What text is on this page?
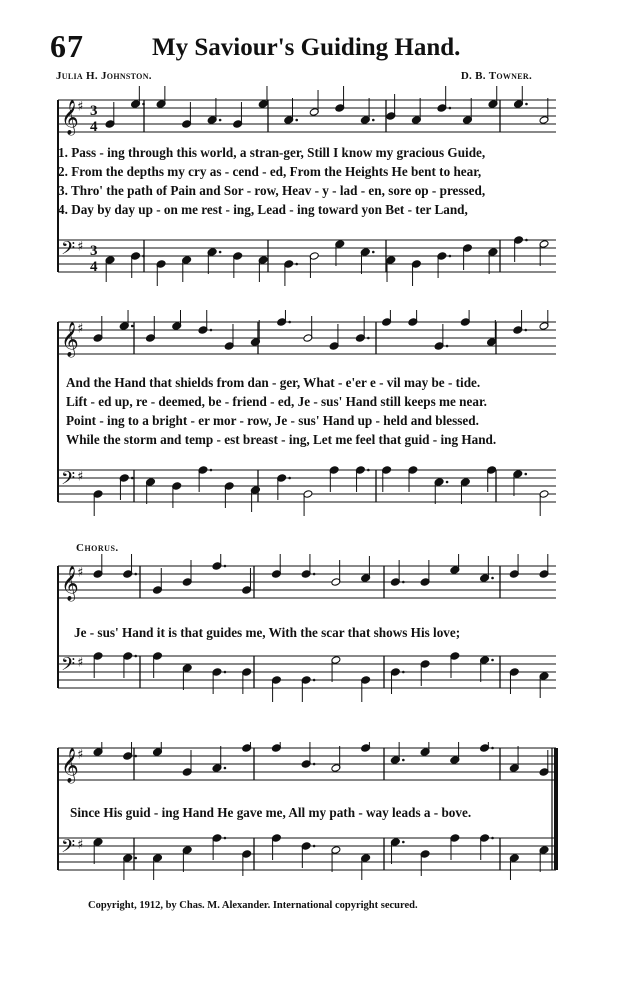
67	My Saviour's Guiding Hand.
Julia H. Johnston.	D. B. Towner.
𝄞
♯
𝄢 ♯
3
4
3
4
1. Pass - ing through this world, a stran-ger, Still I know my gracious Guide,
2. From the depths my cry as - cend - ed, From the Heights He bent to hear,
3. Thro' the path of Pain and Sor - row, Heav - y - lad - en, sore op - pressed,
4. Day by day up - on me rest - ing, Lead - ing toward yon Bet - ter Land,
𝄞
♯
𝄢 ♯
And the Hand that shields from dan - ger, What - e'er e - vil may be - tide.
Lift - ed up, re - deemed, be - friend - ed, Je - sus' Hand still keeps me near.
Point - ing to a bright - er mor - row, Je - sus' Hand up - held and blessed.
While the storm and temp - est breast - ing, Let me feel that guid - ing Hand.
Chorus.
𝄞
♯
𝄢 ♯
Je - sus' Hand it is that guides me, With the scar that shows His love;
𝄞
♯
𝄢 ♯
Since His guid - ing Hand He gave me, All my path - way leads a - bove.
Copyright, 1912, by Chas. M. Alexander. International copyright secured.
